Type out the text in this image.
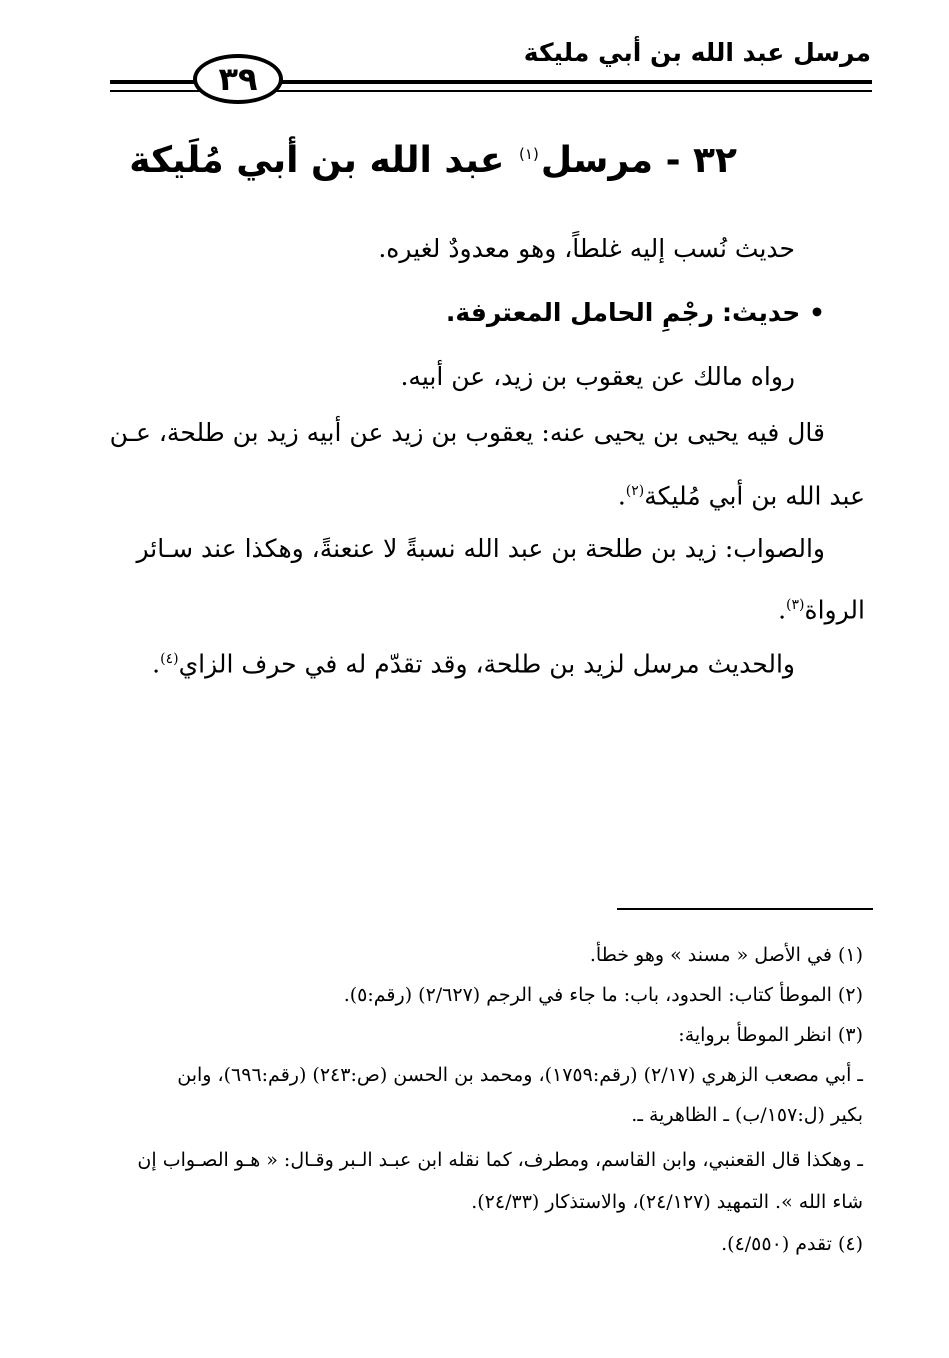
مرسل عبد الله بن أبي مليكة
٣٩
٣٢ - مرسل$^{(١)}$ عبد الله بن أبي مُلَيكة
حديث نُسب إليه غلطاً، وهو معدودٌ لغيره.
• حديث: رجْمِ الحامل المعترفة.
رواه مالك عن يعقوب بن زيد، عن أبيه.
قال فيه يحيى بن يحيى عنه: يعقوب بن زيد عن أبيه زيد بن طلحة، عـن
عبد الله بن أبي مُليكة$^{(٢)}$.
والصواب: زيد بن طلحة بن عبد الله نسبةً لا عنعنةً، وهكذا عند سـائر
الرواة$^{(٣)}$.
والحديث مرسل لزيد بن طلحة، وقد تقدّم له في حرف الزاي$^{(٤)}$.
(١) في الأصل « مسند » وهو خطأ.
(٢) الموطأ كتاب: الحدود، باب: ما جاء في الرجم (٢/٦٢٧) (رقم:٥).
(٣) انظر الموطأ برواية:
ـ أبي مصعب الزهري (٢/١٧) (رقم:١٧٥٩)، ومحمد بن الحسن (ص:٢٤٣) (رقم:٦٩٦)، وابن
بكير (ل:١٥٧/ب) ـ الظاهرية ـ.
ـ وهكذا قال القعنبي، وابن القاسم، ومطرف، كما نقله ابن عبـد الـبر وقـال: « هـو الصـواب إن
شاء الله ». التمهيد (٢٤/١٢٧)، والاستذكار (٢٤/٣٣).
(٤) تقدم (٤/٥٥٠).
